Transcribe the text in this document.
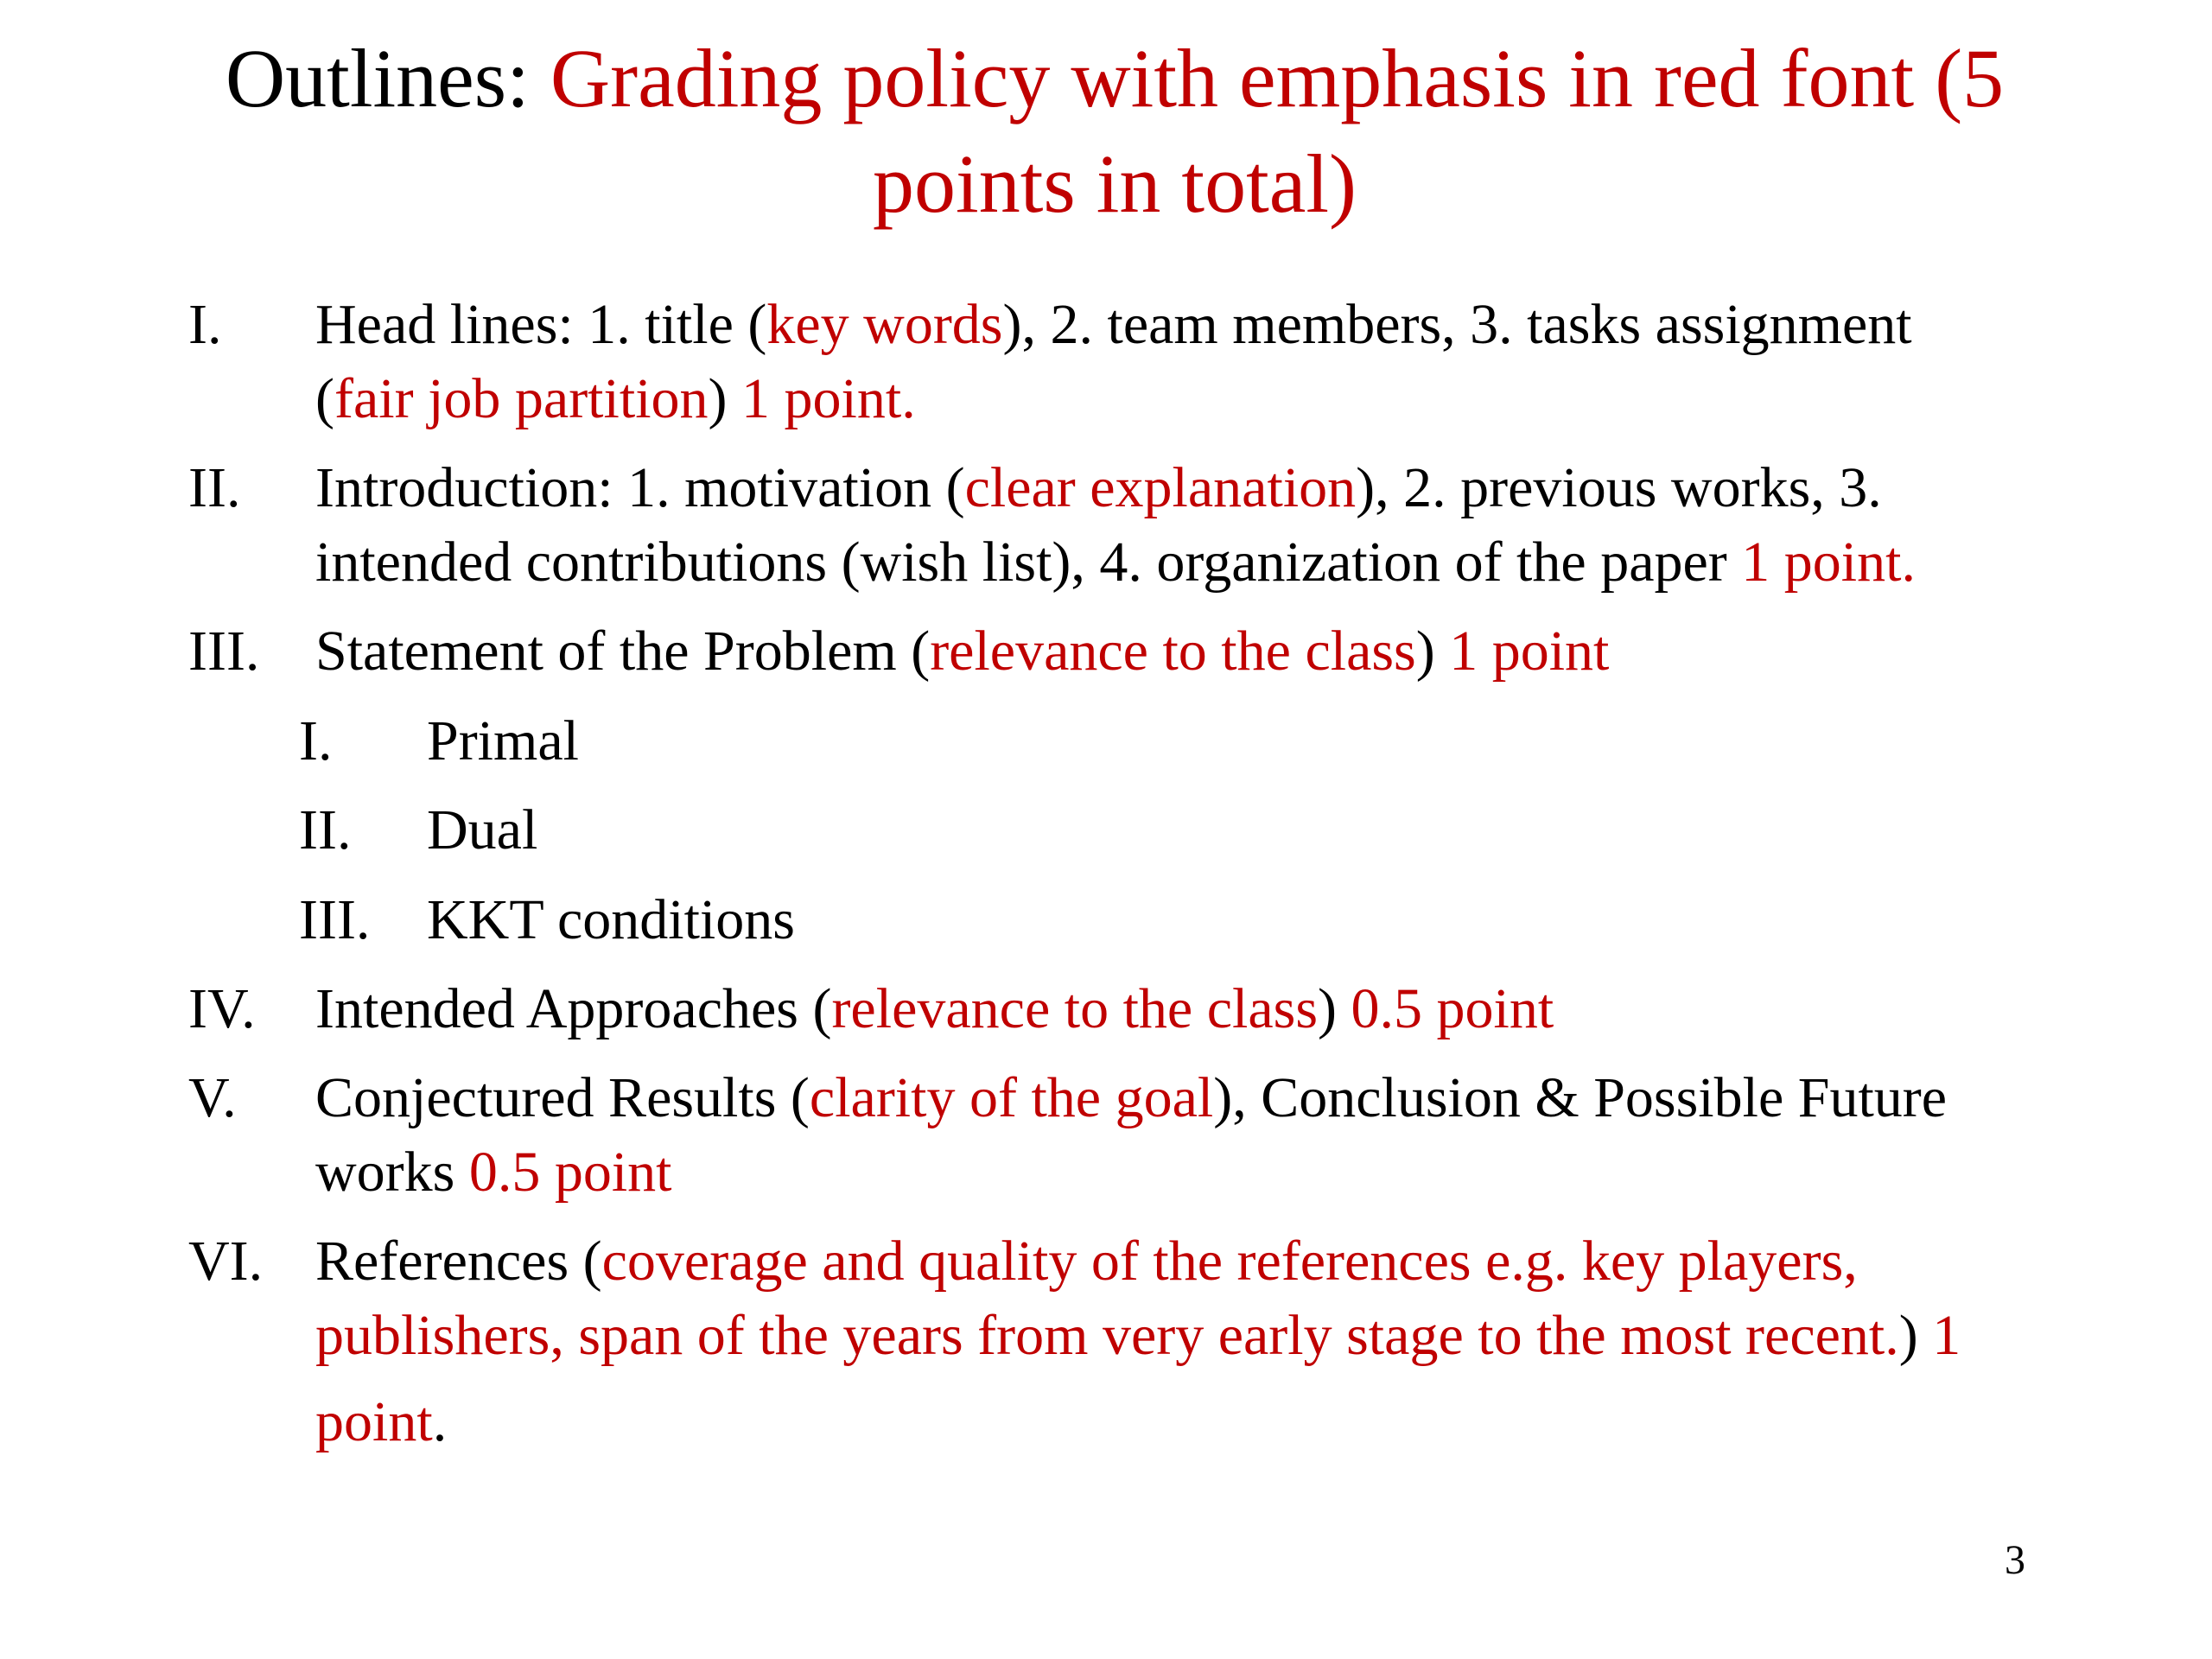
Outlines: Grading policy with emphasis in red font (5
points in total)
I. Head lines: 1. title (key words), 2. team members, 3. tasks assignment
(fair job partition) 1 point.
II. Introduction: 1. motivation (clear explanation), 2. previous works, 3.
intended contributions (wish list), 4. organization of the paper 1 point.
III. Statement of the Problem (relevance to the class) 1 point
I. Primal
II. Dual
III. KKT conditions
IV. Intended Approaches (relevance to the class) 0.5 point
V. Conjectured Results (clarity of the goal), Conclusion & Possible Future
works 0.5 point
VI. References (coverage and quality of the references e.g. key players,
publishers, span of the years from very early stage to the most recent.) 1
point.
3
